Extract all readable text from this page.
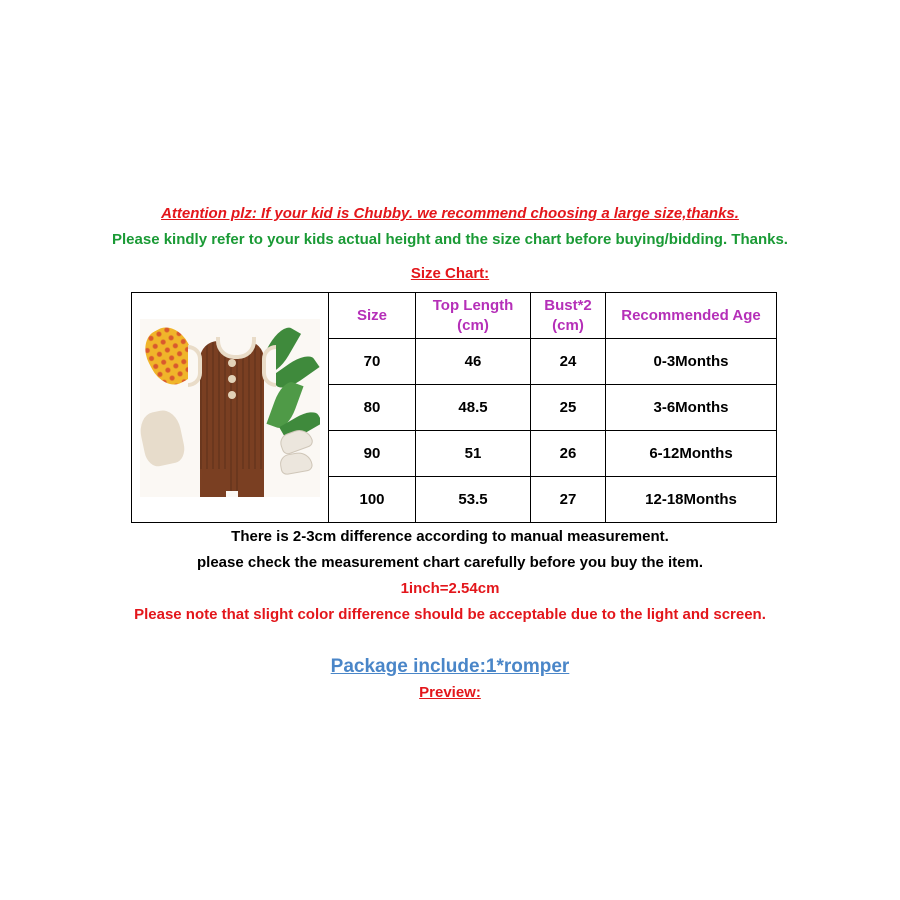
Attention plz: If your kid is Chubby. we recommend choosing a large size,thanks.
Please kindly refer to your kids actual height and the size chart before buying/bidding. Thanks.
Size Chart:
	Size	Top Length (cm)	Bust*2 (cm)	Recommended Age
	70	46	24	0-3Months
	80	48.5	25	3-6Months
	90	51	26	6-12Months
	100	53.5	27	12-18Months
There is 2-3cm difference according to manual measurement.
please check the measurement chart carefully before you buy the item.
1inch=2.54cm
Please note that slight color difference should be acceptable due to the light and screen.
Package include:1*romper
Preview:
